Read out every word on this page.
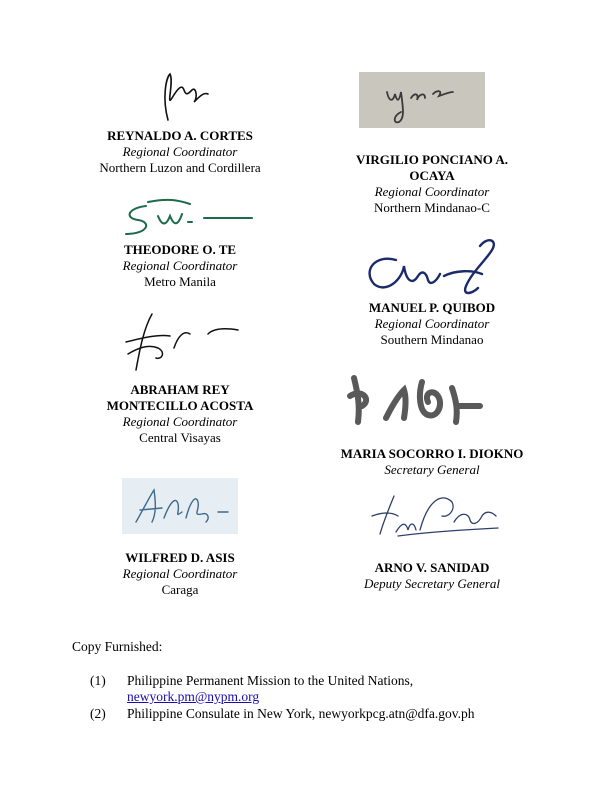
REYNALDO A. CORTES
Regional Coordinator
Northern Luzon and Cordillera
THEODORE O. TE
Regional Coordinator
Metro Manila
ABRAHAM REY
MONTECILLO ACOSTA
Regional Coordinator
Central Visayas
WILFRED D. ASIS
Regional Coordinator
Caraga
VIRGILIO PONCIANO A.
OCAYA
Regional Coordinator
Northern Mindanao-C
MANUEL P. QUIBOD
Regional Coordinator
Southern Mindanao
MARIA SOCORRO I. DIOKNO
Secretary General
ARNO V. SANIDAD
Deputy Secretary General
Copy Furnished:
(1) Philippine Permanent Mission to the United Nations,
newyork.pm@nypm.org
(2) Philippine Consulate in New York, newyorkpcg.atn@dfa.gov.ph
